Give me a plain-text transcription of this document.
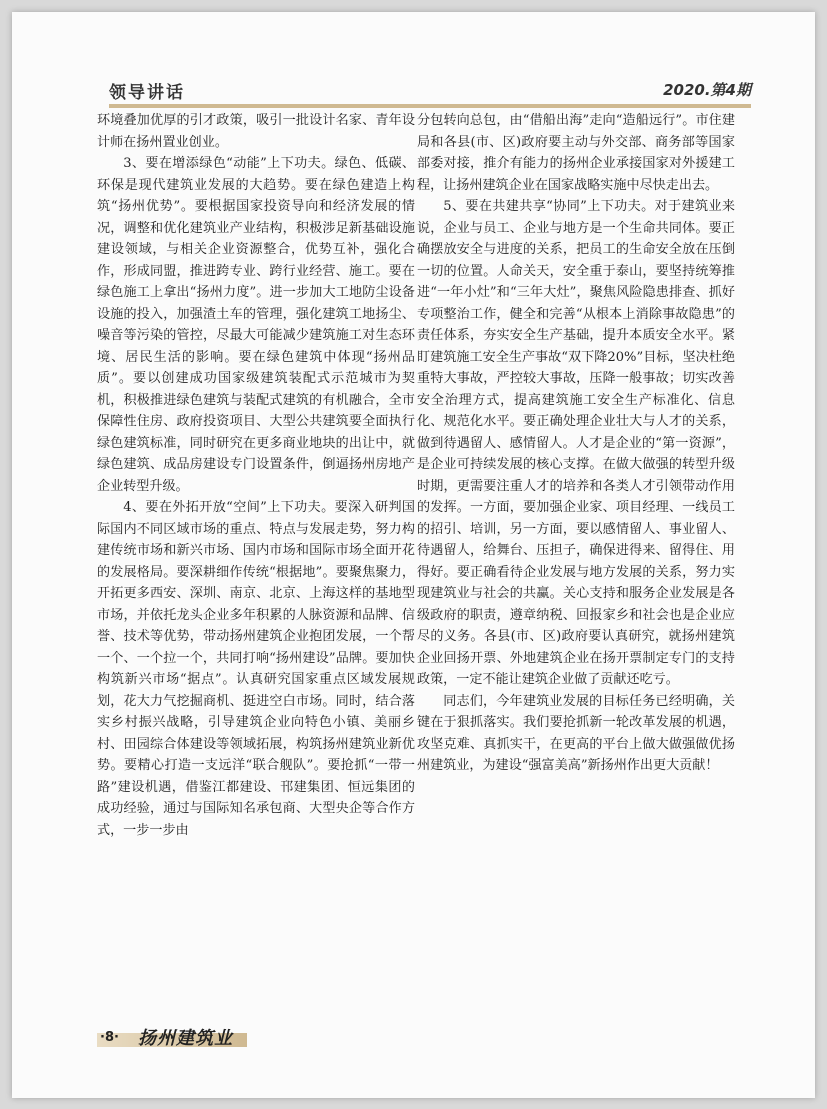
领导讲话	2020.第4期

环境叠加优厚的引才政策，吸引一批设计名家、青年设计师在扬州置业创业。

3、要在增添绿色“动能”上下功夫。绿色、低碳、环保是现代建筑业发展的大趋势。要在绿色建造上构筑“扬州优势”。要根据国家投资导向和经济发展的情况，调整和优化建筑业产业结构，积极涉足新基础设施建设领域，与相关企业资源整合，优势互补，强化合作，形成同盟，推进跨专业、跨行业经营、施工。要在绿色施工上拿出“扬州力度”。进一步加大工地防尘设备设施的投入，加强渣土车的管理，强化建筑工地扬尘、噪音等污染的管控，尽最大可能减少建筑施工对生态环境、居民生活的影响。要在绿色建筑中体现“扬州品质”。要以创建成功国家级建筑装配式示范城市为契机，积极推进绿色建筑与装配式建筑的有机融合，全市保障性住房、政府投资项目、大型公共建筑要全面执行绿色建筑标准，同时研究在更多商业地块的出让中，就绿色建筑、成品房建设专门设置条件，倒逼扬州房地产企业转型升级。

4、要在外拓开放“空间”上下功夫。要深入研判国际国内不同区域市场的重点、特点与发展走势，努力构建传统市场和新兴市场、国内市场和国际市场全面开花的发展格局。要深耕细作传统“根据地”。要聚焦聚力，开拓更多西安、深圳、南京、北京、上海这样的基地型市场，并依托龙头企业多年积累的人脉资源和品牌、信誉、技术等优势，带动扬州建筑企业抱团发展，一个帮一个、一个拉一个，共同打响“扬州建设”品牌。要加快构筑新兴市场“据点”。认真研究国家重点区域发展规划，花大力气挖掘商机、挺进空白市场。同时，结合落实乡村振兴战略，引导建筑企业向特色小镇、美丽乡村、田园综合体建设等领域拓展，构筑扬州建筑业新优势。要精心打造一支远洋“联合舰队”。要抢抓“一带一路”建设机遇，借鉴江都建设、邗建集团、恒远集团的成功经验，通过与国际知名承包商、大型央企等合作方式，一步一步由

分包转向总包，由“借船出海”走向“造船远行”。市住建局和各县(市、区)政府要主动与外交部、商务部等国家部委对接，推介有能力的扬州企业承接国家对外援建工程，让扬州建筑企业在国家战略实施中尽快走出去。

5、要在共建共享“协同”上下功夫。对于建筑业来说，企业与员工、企业与地方是一个生命共同体。要正确摆放安全与进度的关系，把员工的生命安全放在压倒一切的位置。人命关天，安全重于泰山，要坚持统筹推进“一年小灶”和“三年大灶”，聚焦风险隐患排查、抓好专项整治工作，健全和完善“从根本上消除事故隐患”的责任体系，夯实安全生产基础，提升本质安全水平。紧盯建筑施工安全生产事故“双下降20%”目标，坚决杜绝重特大事故，严控较大事故，压降一般事故；切实改善安全治理方式，提高建筑施工安全生产标准化、信息化、规范化水平。要正确处理企业壮大与人才的关系，做到待遇留人、感情留人。人才是企业的“第一资源”，是企业可持续发展的核心支撑。在做大做强的转型升级时期，更需要注重人才的培养和各类人才引领带动作用的发挥。一方面，要加强企业家、项目经理、一线员工的招引、培训，另一方面，要以感情留人、事业留人、待遇留人，给舞台、压担子，确保进得来、留得住、用得好。要正确看待企业发展与地方发展的关系，努力实现建筑业与社会的共赢。关心支持和服务企业发展是各级政府的职责，遵章纳税、回报家乡和社会也是企业应尽的义务。各县(市、区)政府要认真研究，就扬州建筑企业回扬开票、外地建筑企业在扬开票制定专门的支持政策，一定不能让建筑企业做了贡献还吃亏。

同志们，今年建筑业发展的目标任务已经明确，关键在于狠抓落实。我们要抢抓新一轮改革发展的机遇，攻坚克难、真抓实干，在更高的平台上做大做强做优扬州建筑业，为建设“强富美高”新扬州作出更大贡献！

·8· 扬州建筑业
